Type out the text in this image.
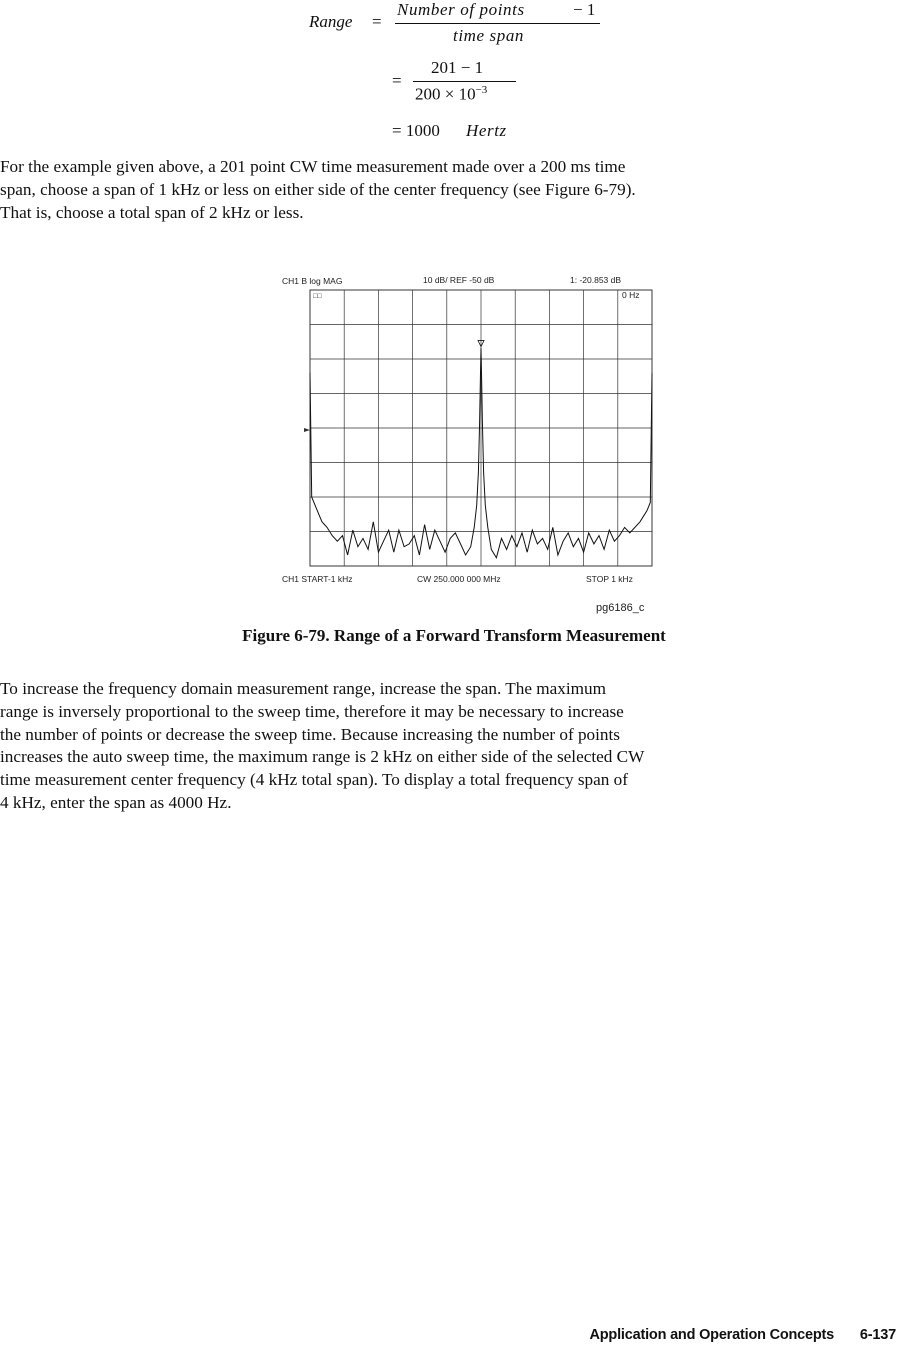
Range =
Number of points	− 1
time span
=
201 − 1
$200 \times 10^{-3}$
= 1000 Hertz

For the example given above, a 201 point CW time measurement made over a 200 ms time

span, choose a span of 1 kHz or less on either side of the center frequency (see Figure 6-79).

That is, choose a total span of 2 kHz or less.

CH1 B log MAG	10 dB/ REF -50 dB	1: -20.853 dB
□□	0 Hz
CH1 START-1 kHz	CW 250.000 000 MHz	STOP 1 kHz
pg6186_c
Figure 6-79. Range of a Forward Transform Measurement

To increase the frequency domain measurement range, increase the span. The maximum

range is inversely proportional to the sweep time, therefore it may be necessary to increase

the number of points or decrease the sweep time. Because increasing the number of points

increases the auto sweep time, the maximum range is 2 kHz on either side of the selected CW

time measurement center frequency (4 kHz total span). To display a total frequency span of

4 kHz, enter the span as 4000 Hz.

Application and Operation Concepts 6-137
